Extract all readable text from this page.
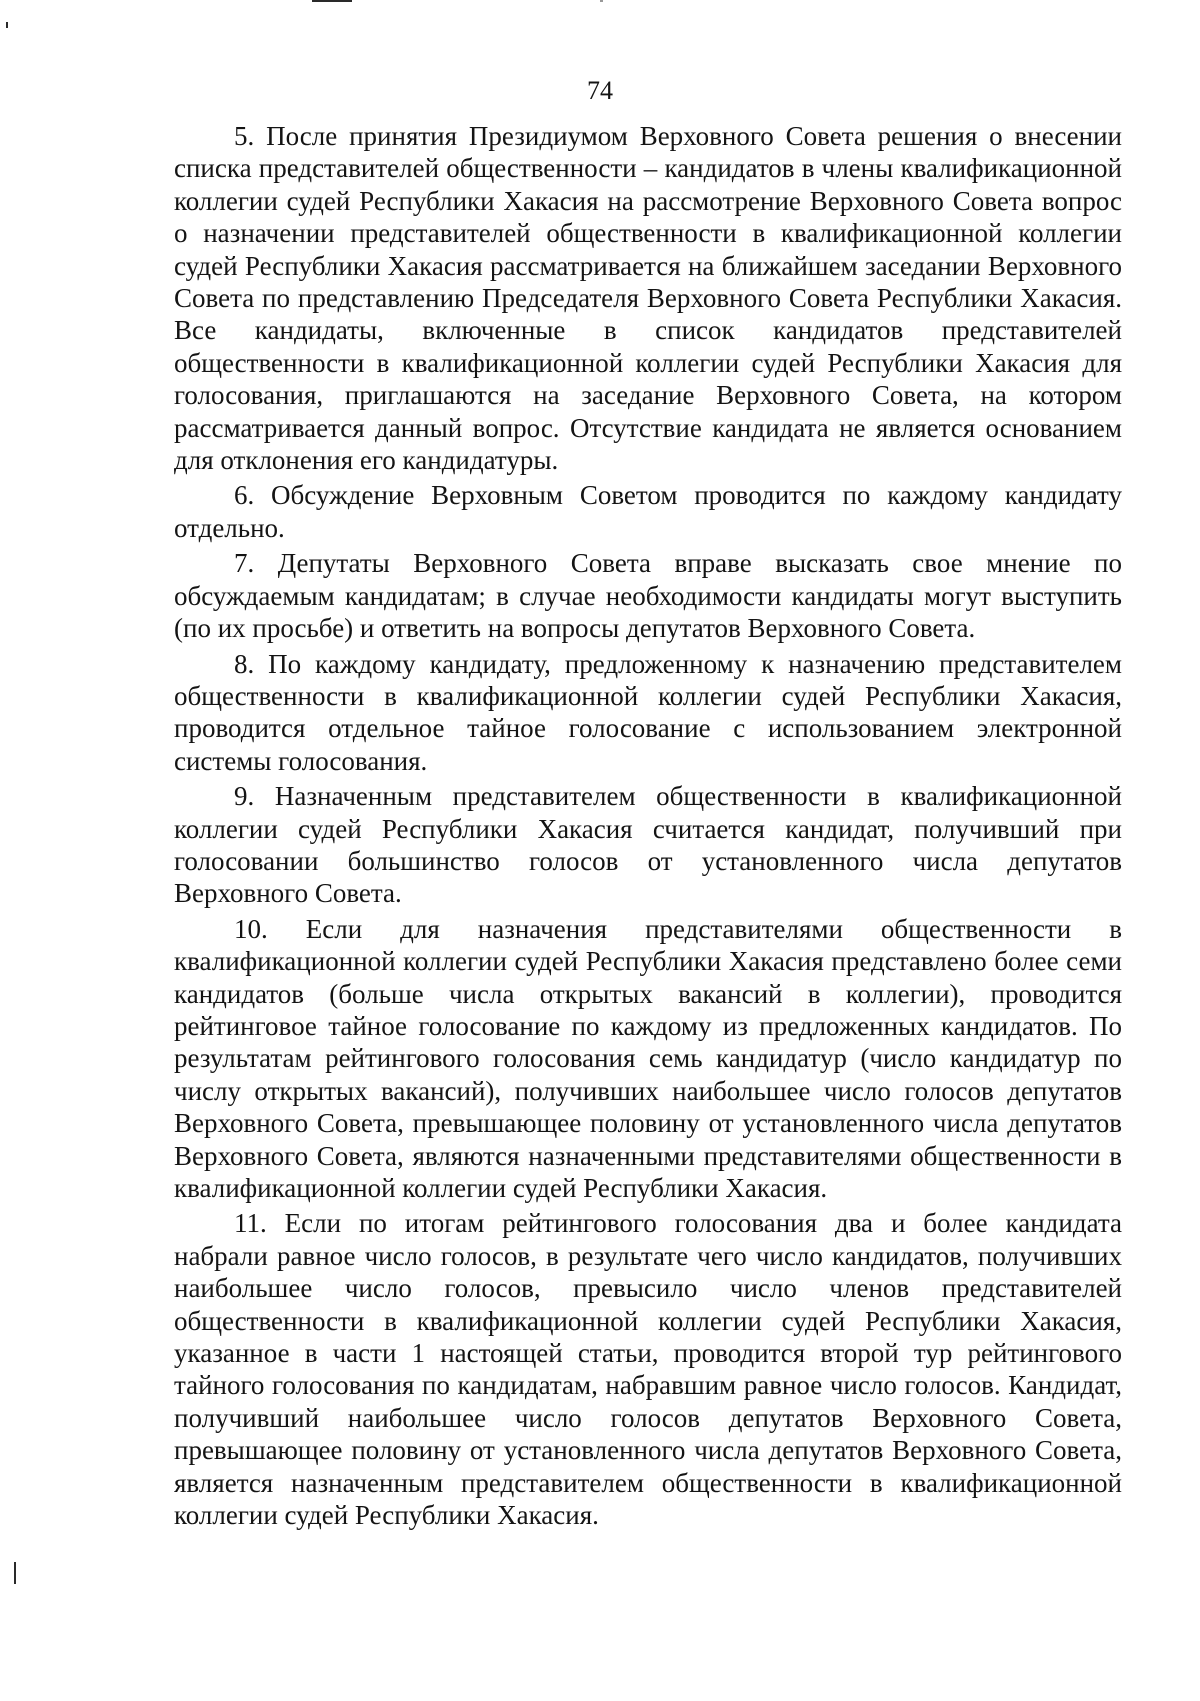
74

5. После принятия Президиумом Верховного Совета решения о внесении списка представителей общественности – кандидатов в члены квалификационной коллегии судей Республики Хакасия на рассмотрение Верховного Совета вопрос о назначении представителей общественности в квалификационной коллегии судей Республики Хакасия рассматривается на ближайшем заседании Верховного Совета по представлению Председателя Верховного Совета Республики Хакасия. Все кандидаты, включенные в список кандидатов представителей общественности в квалификационной коллегии судей Республики Хакасия для голосования, приглашаются на заседание Верховного Совета, на котором рассматривается данный вопрос. Отсутствие кандидата не является основанием для отклонения его кандидатуры.

6. Обсуждение Верховным Советом проводится по каждому кандидату отдельно.

7. Депутаты Верховного Совета вправе высказать свое мнение по обсуждаемым кандидатам; в случае необходимости кандидаты могут выступить (по их просьбе) и ответить на вопросы депутатов Верховного Совета.

8. По каждому кандидату, предложенному к назначению представителем общественности в квалификационной коллегии судей Республики Хакасия, проводится отдельное тайное голосование с использованием электронной системы голосования.

9. Назначенным представителем общественности в квалификационной коллегии судей Республики Хакасия считается кандидат, получивший при голосовании большинство голосов от установленного числа депутатов Верховного Совета.

10. Если для назначения представителями общественности в квалификационной коллегии судей Республики Хакасия представлено более семи кандидатов (больше числа открытых вакансий в коллегии), проводится рейтинговое тайное голосование по каждому из предложенных кандидатов. По результатам рейтингового голосования семь кандидатур (число кандидатур по числу открытых вакансий), получивших наибольшее число голосов депутатов Верховного Совета, превышающее половину от установленного числа депутатов Верховного Совета, являются назначенными представителями общественности в квалификационной коллегии судей Республики Хакасия.

11. Если по итогам рейтингового голосования два и более кандидата набрали равное число голосов, в результате чего число кандидатов, получивших наибольшее число голосов, превысило число членов представителей общественности в квалификационной коллегии судей Республики Хакасия, указанное в части 1 настоящей статьи, проводится второй тур рейтингового тайного голосования по кандидатам, набравшим равное число голосов. Кандидат, получивший наибольшее число голосов депутатов Верховного Совета, превышающее половину от установленного числа депутатов Верховного Совета, является назначенным представителем общественности в квалификационной коллегии судей Республики Хакасия.
